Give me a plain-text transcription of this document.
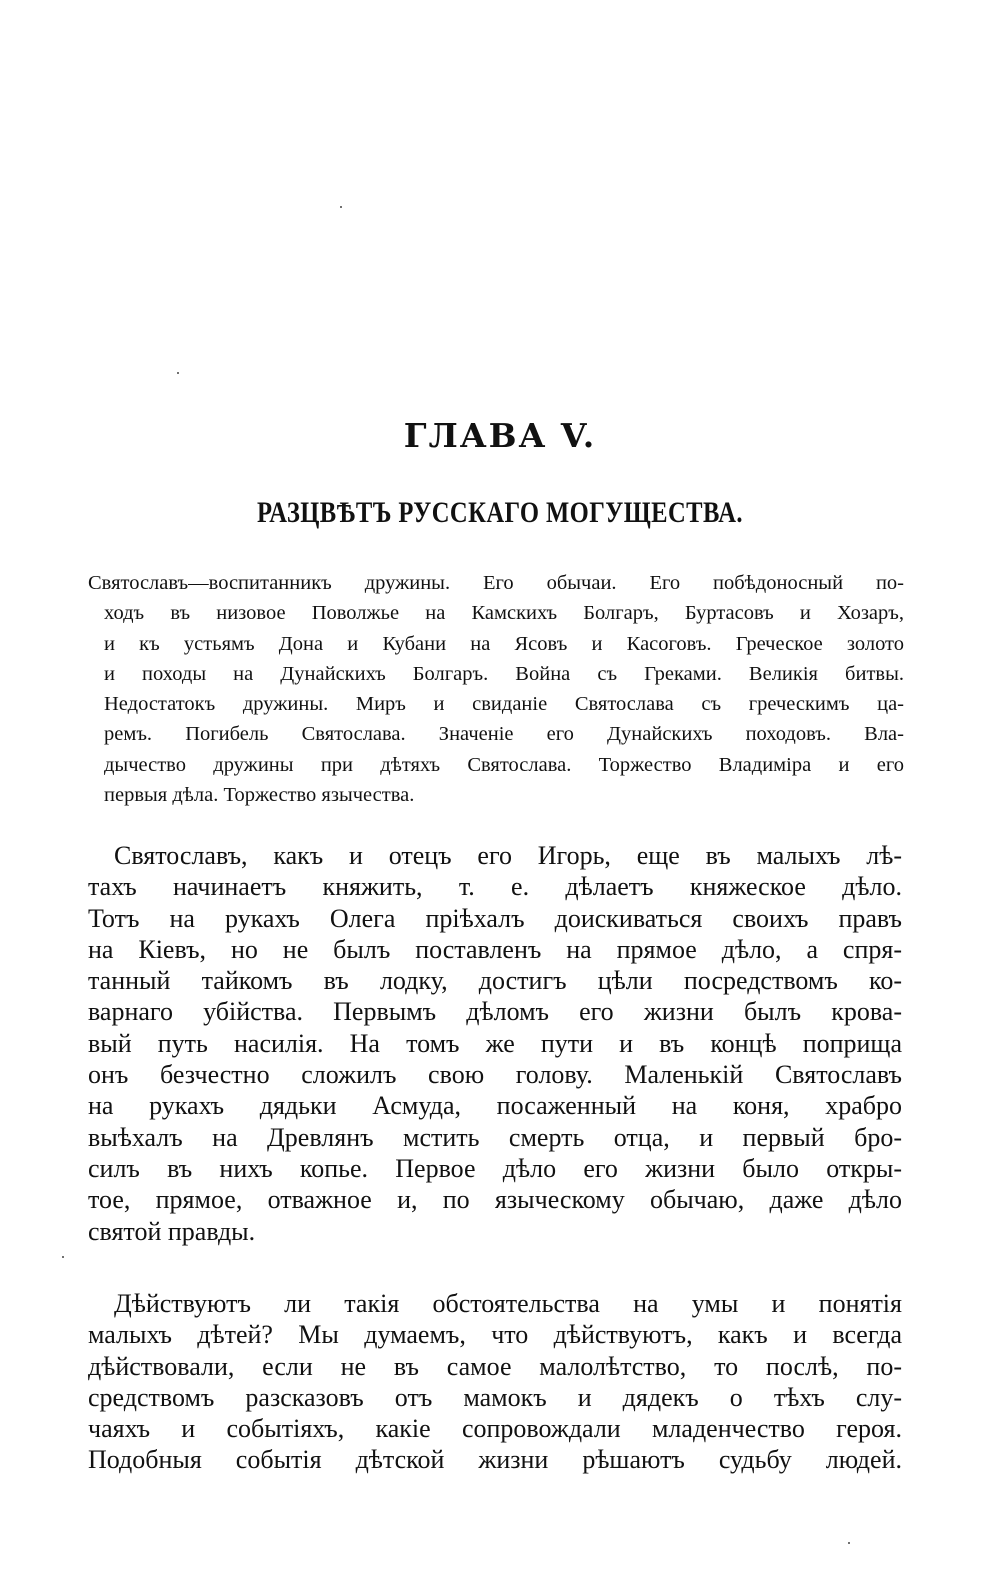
ГЛАВА V.
РАЗЦВѢТЪ РУССКАГО МОГУЩЕСТВА.
Святославъ—воспитанникъ дружины. Его обычаи. Его побѣдоносный по-
ходъ въ низовое Поволжье на Камскихъ Болгаръ, Буртасовъ и Хозаръ,
и къ устьямъ Дона и Кубани на Ясовъ и Касоговъ. Греческое золото
и походы на Дунайскихъ Болгаръ. Война съ Греками. Великія битвы.
Недостатокъ дружины. Миръ и свиданіе Святослава съ греческимъ ца-
ремъ. Погибель Святослава. Значеніе его Дунайскихъ походовъ. Вла-
дычество дружины при дѣтяхъ Святослава. Торжество Владиміра и его
первыя дѣла. Торжество язычества.
Святославъ, какъ и отецъ его Игорь, еще въ малыхъ лѣ-
тахъ начинаетъ княжить, т. е. дѣлаетъ княжеское дѣло.
Тотъ на рукахъ Олега пріѣхалъ доискиваться своихъ правъ
на Кіевъ, но не былъ поставленъ на прямое дѣло, а спря-
танный тайкомъ въ лодку, достигъ цѣли посредствомъ ко-
варнаго убійства. Первымъ дѣломъ его жизни былъ крова-
вый путь насилія. На томъ же пути и въ концѣ поприща
онъ безчестно сложилъ свою голову. Маленькій Святославъ
на рукахъ дядьки Асмуда, посаженный на коня, храбро
выѣхалъ на Древлянъ мстить смерть отца, и первый бро-
силъ въ нихъ копье. Первое дѣло его жизни было откры-
тое, прямое, отважное и, по языческому обычаю, даже дѣло
святой правды.
Дѣйствуютъ ли такія обстоятельства на умы и понятія
малыхъ дѣтей? Мы думаемъ, что дѣйствуютъ, какъ и всегда
дѣйствовали, если не въ самое малолѣтство, то послѣ, по-
средствомъ разсказовъ отъ мамокъ и дядекъ о тѣхъ слу-
чаяхъ и событіяхъ, какіе сопровождали младенчество героя.
Подобныя событія дѣтской жизни рѣшаютъ судьбу людей.
